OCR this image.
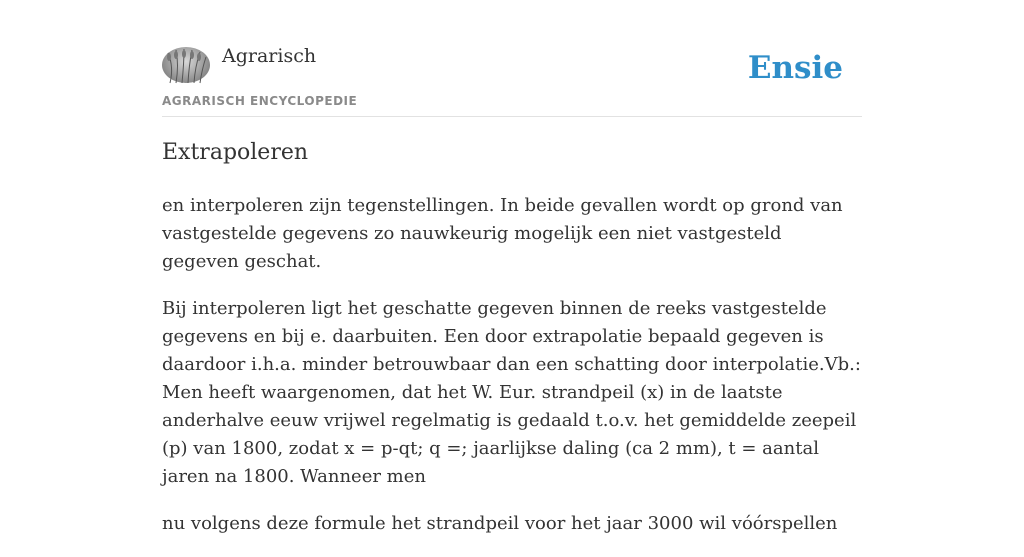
Agrarisch
AGRARISCH ENCYCLOPEDIE
Ensie
Extrapoleren

en interpoleren zijn tegenstellingen. In beide gevallen wordt op grond van vastgestelde gegevens zo nauwkeurig mogelijk een niet vastgesteld gegeven geschat.

Bij interpoleren ligt het geschatte gegeven binnen de reeks vastgestelde gegevens en bij e. daarbuiten. Een door extrapolatie bepaald gegeven is daardoor i.h.a. minder betrouwbaar dan een schatting door interpolatie.Vb.: Men heeft waargenomen, dat het W. Eur. strandpeil (x) in de laatste anderhalve eeuw vrijwel regelmatig is gedaald t.o.v. het gemiddelde zeepeil (p) van 1800, zodat x = p-qt; q =; jaarlijkse daling (ca 2 mm), t = aantal jaren na 1800. Wanneer men

nu volgens deze formule het strandpeil voor het jaar 3000 wil vóórspellen
